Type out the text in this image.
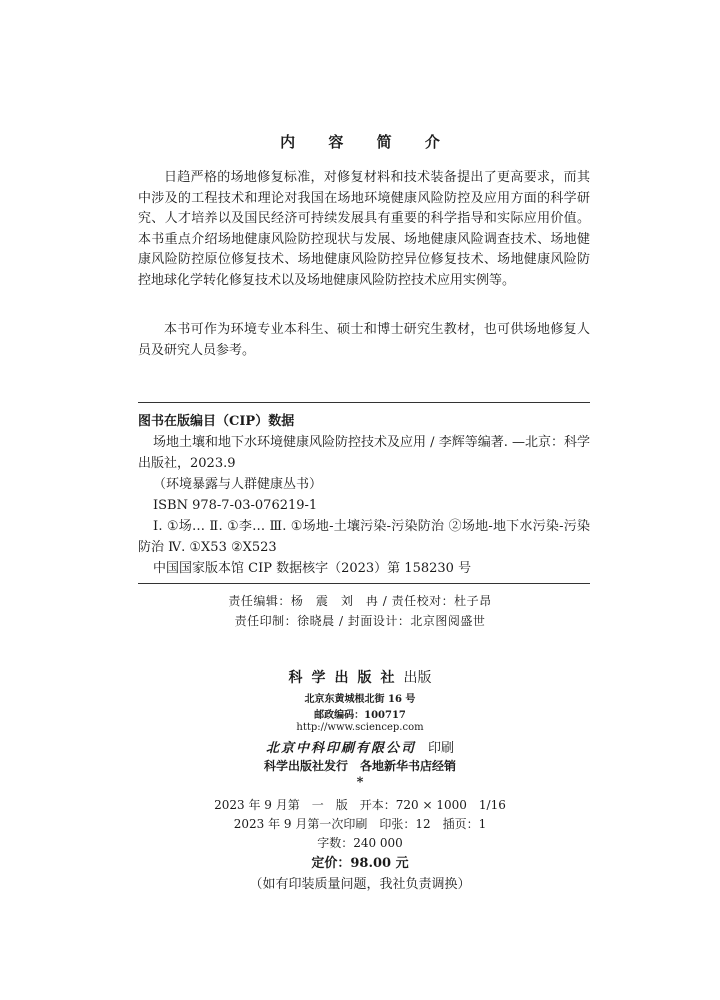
内 容 简 介

日趋严格的场地修复标准，对修复材料和技术装备提出了更高要求，而其中涉及的工程技术和理论对我国在场地环境健康风险防控及应用方面的科学研究、人才培养以及国民经济可持续发展具有重要的科学指导和实际应用价值。本书重点介绍场地健康风险防控现状与发展、场地健康风险调查技术、场地健康风险防控原位修复技术、场地健康风险防控异位修复技术、场地健康风险防控地球化学转化修复技术以及场地健康风险防控技术应用实例等。

本书可作为环境专业本科生、硕士和博士研究生教材，也可供场地修复人员及研究人员参考。

图书在版编目（CIP）数据
场地土壤和地下水环境健康风险防控技术及应用 / 李辉等编著. —北京：科学出版社，2023.9
（环境暴露与人群健康丛书）
ISBN 978-7-03-076219-1
Ⅰ. ①场… Ⅱ. ①李… Ⅲ. ①场地-土壤污染-污染防治 ②场地-地下水污染-污染防治 Ⅳ. ①X53 ②X523
中国国家版本馆 CIP 数据核字（2023）第 158230 号
责任编辑：杨　震　刘　冉 / 责任校对：杜子昂
责任印制：徐晓晨 / 封面设计：北京图阅盛世
科学出版社出版
北京东黄城根北街 16 号
邮政编码：100717
http://www.sciencep.com
北京中科印刷有限公司 印刷
科学出版社发行　各地新华书店经销
*
2023 年 9 月第　一　版　开本：720 × 1000　1/16
2023 年 9 月第一次印刷　印张：12　插页：1
字数：240 000
定价：98.00 元
（如有印装质量问题，我社负责调换）
